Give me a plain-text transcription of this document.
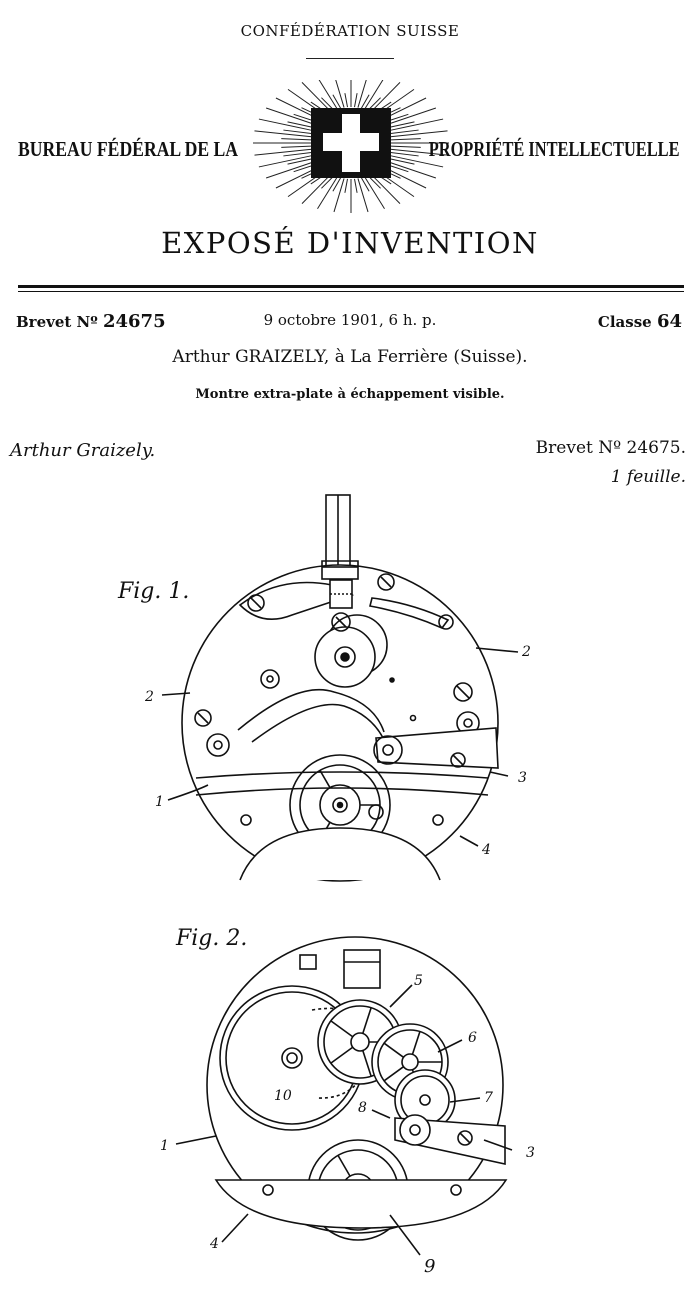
CONFÉDÉRATION SUISSE
BUREAU FÉDÉRAL DE LA	PROPRIÉTÉ INTELLECTUELLE
EXPOSÉ D'INVENTION
Brevet Nº 24675	9 octobre 1901, 6 h. p.	Classe 64
Arthur GRAIZELY, à La Ferrière (Suisse).
Montre extra-plate à échappement visible.
Arthur Graizely.	Brevet Nº 24675.
1 feuille.
Fig. 1.
2
2
1
3
4
Fig. 2.
1	3
4
5
6
7
8
9
10
